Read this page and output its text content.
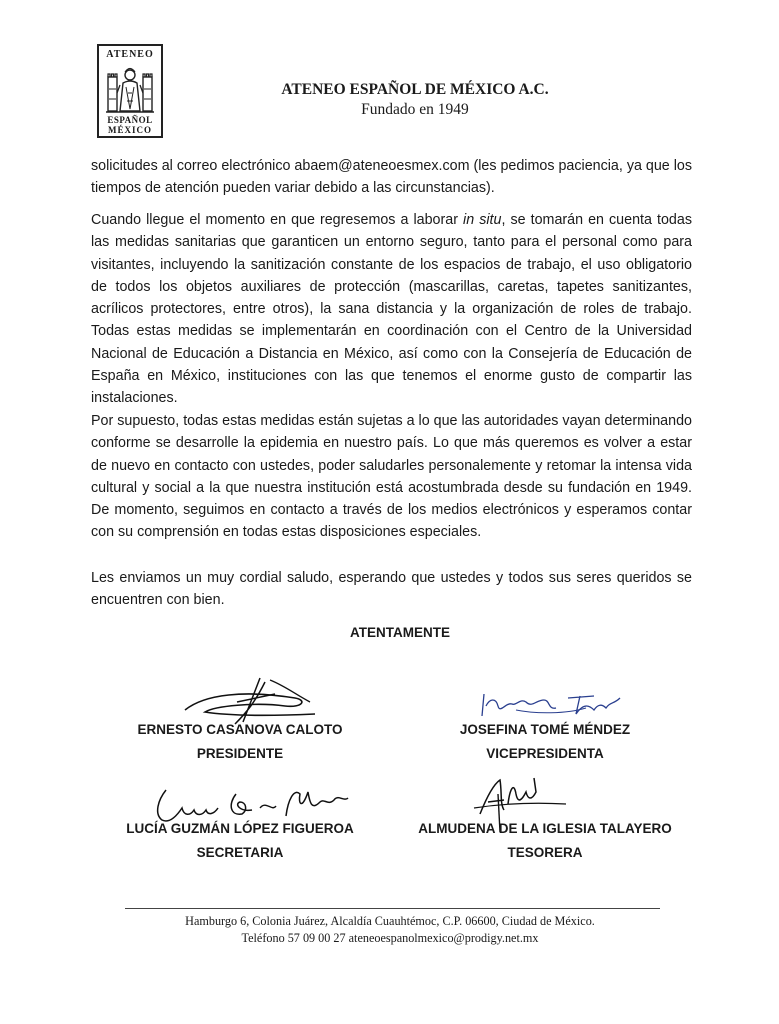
ATENEO
ESPAÑOL
MÉXICO
ATENEO ESPAÑOL DE MÉXICO A.C.
Fundado en 1949

solicitudes al correo electrónico abaem@ateneoesmex.com (les pedimos paciencia, ya que los tiempos de atención pueden variar debido a las circunstancias).

Cuando llegue el momento en que regresemos a laborar in situ, se tomarán en cuenta todas las medidas sanitarias que garanticen un entorno seguro, tanto para el personal como para visitantes, incluyendo la sanitización constante de los espacios de trabajo, el uso obligatorio de todos los objetos auxiliares de protección (mascarillas, caretas, tapetes sanitizantes, acrílicos protectores, entre otros), la sana distancia y la organización de roles de trabajo. Todas estas medidas se implementarán en coordinación con el Centro de la Universidad Nacional de Educación a Distancia en México, así como con la Consejería de Educación de España en México, instituciones con las que tenemos el enorme gusto de compartir las instalaciones.

Por supuesto, todas estas medidas están sujetas a lo que las autoridades vayan determinando conforme se desarrolle la epidemia en nuestro país. Lo que más queremos es volver a estar de nuevo en contacto con ustedes, poder saludarles personalemente y retomar la intensa vida cultural y social a la que nuestra institución está acostumbrada desde su fundación en 1949. De momento, seguimos en contacto a través de los medios electrónicos y esperamos contar con su comprensión en todas estas disposiciones especiales.

Les enviamos un muy cordial saludo, esperando que ustedes y todos sus seres queridos se encuentren con bien.

ATENTAMENTE
ERNESTO CASANOVA CALOTO
PRESIDENTE
JOSEFINA TOMÉ MÉNDEZ
VICEPRESIDENTA
LUCÍA GUZMÁN LÓPEZ FIGUEROA
SECRETARIA
ALMUDENA DE LA IGLESIA TALAYERO
TESORERA
Hamburgo 6, Colonia Juárez, Alcaldía Cuauhtémoc, C.P. 06600, Ciudad de México.
Teléfono 57 09 00 27 ateneoespanolmexico@prodigy.net.mx
